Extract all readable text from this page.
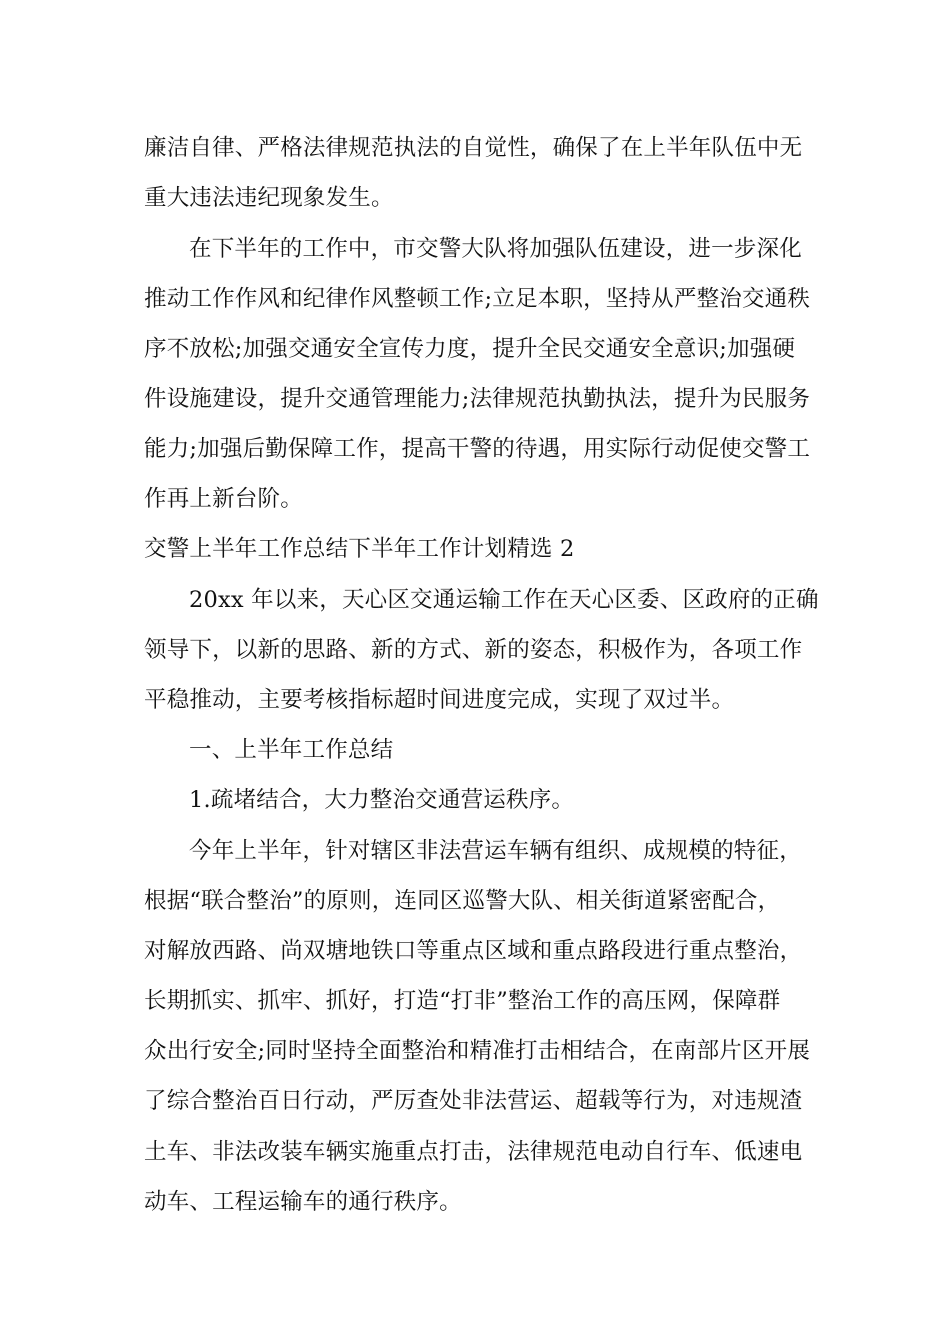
廉洁自律、严格法律规范执法的自觉性，确保了在上半年队伍中无
重大违法违纪现象发生。
在下半年的工作中，市交警大队将加强队伍建设，进一步深化
推动工作作风和纪律作风整顿工作;立足本职，坚持从严整治交通秩
序不放松;加强交通安全宣传力度，提升全民交通安全意识;加强硬
件设施建设，提升交通管理能力;法律规范执勤执法，提升为民服务
能力;加强后勤保障工作，提高干警的待遇，用实际行动促使交警工
作再上新台阶。
交警上半年工作总结下半年工作计划精选 2
20xx 年以来，天心区交通运输工作在天心区委、区政府的正确
领导下，以新的思路、新的方式、新的姿态，积极作为，各项工作
平稳推动，主要考核指标超时间进度完成，实现了双过半。
一、上半年工作总结
1.疏堵结合，大力整治交通营运秩序。
今年上半年，针对辖区非法营运车辆有组织、成规模的特征，
根据“联合整治”的原则，连同区巡警大队、相关街道紧密配合，
对解放西路、尚双塘地铁口等重点区域和重点路段进行重点整治，
长期抓实、抓牢、抓好，打造“打非”整治工作的高压网，保障群
众出行安全;同时坚持全面整治和精准打击相结合，在南部片区开展
了综合整治百日行动，严厉查处非法营运、超载等行为，对违规渣
土车、非法改装车辆实施重点打击，法律规范电动自行车、低速电
动车、工程运输车的通行秩序。
